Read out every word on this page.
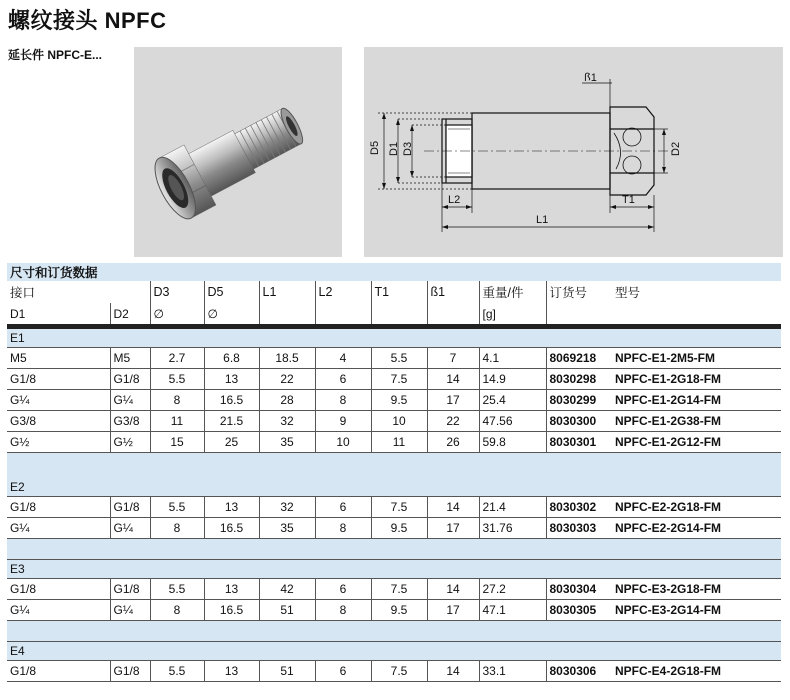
螺纹接头 NPFC
延长件 NPFC-E...
D5 D1 D3	D2
L2
L1
T1
ꟗ1
尺寸和订货数据										
接口		D3	D5	L1	L2	T1	ß1	重量/件	订货号	型号
D1	D2	∅	∅					[g]		

E1										
M5	M5	2.7	6.8	18.5	4	5.5	7	4.1	8069218	NPFC-E1-2M5-FM
G1/8	G1/8	5.5	13	22	6	7.5	14	14.9	8030298	NPFC-E1-2G18-FM
G¼	G¼	8	16.5	28	8	9.5	17	25.4	8030299	NPFC-E1-2G14-FM
G3/8	G3/8	11	21.5	32	9	10	22	47.56	8030300	NPFC-E1-2G38-FM
G½	G½	15	25	35	10	11	26	59.8	8030301	NPFC-E1-2G12-FM

E2										
G1/8	G1/8	5.5	13	32	6	7.5	14	21.4	8030302	NPFC-E2-2G18-FM
G¼	G¼	8	16.5	35	8	9.5	17	31.76	8030303	NPFC-E2-2G14-FM

E3										
G1/8	G1/8	5.5	13	42	6	7.5	14	27.2	8030304	NPFC-E3-2G18-FM
G¼	G¼	8	16.5	51	8	9.5	17	47.1	8030305	NPFC-E3-2G14-FM

E4										
G1/8	G1/8	5.5	13	51	6	7.5	14	33.1	8030306	NPFC-E4-2G18-FM
